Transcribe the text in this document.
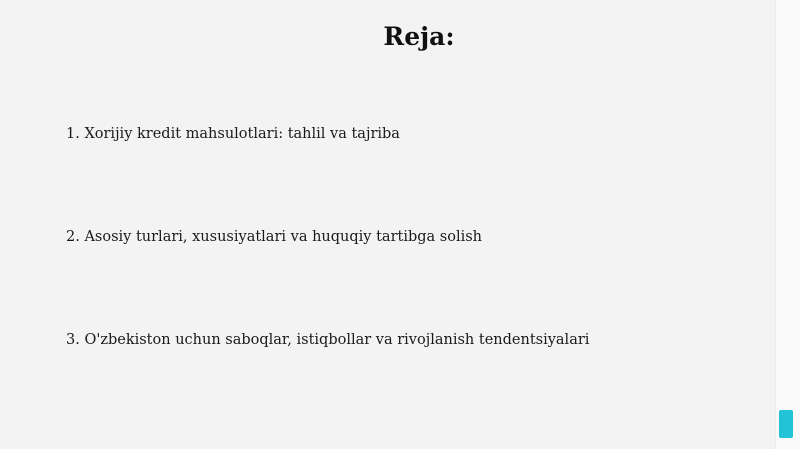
Reja:

1. Xorijiy kredit mahsulotlari: tahlil va tajriba

2. Asosiy turlari, xususiyatlari va huquqiy tartibga solish

3. O'zbekiston uchun saboqlar, istiqbollar va rivojlanish tendentsiyalari
